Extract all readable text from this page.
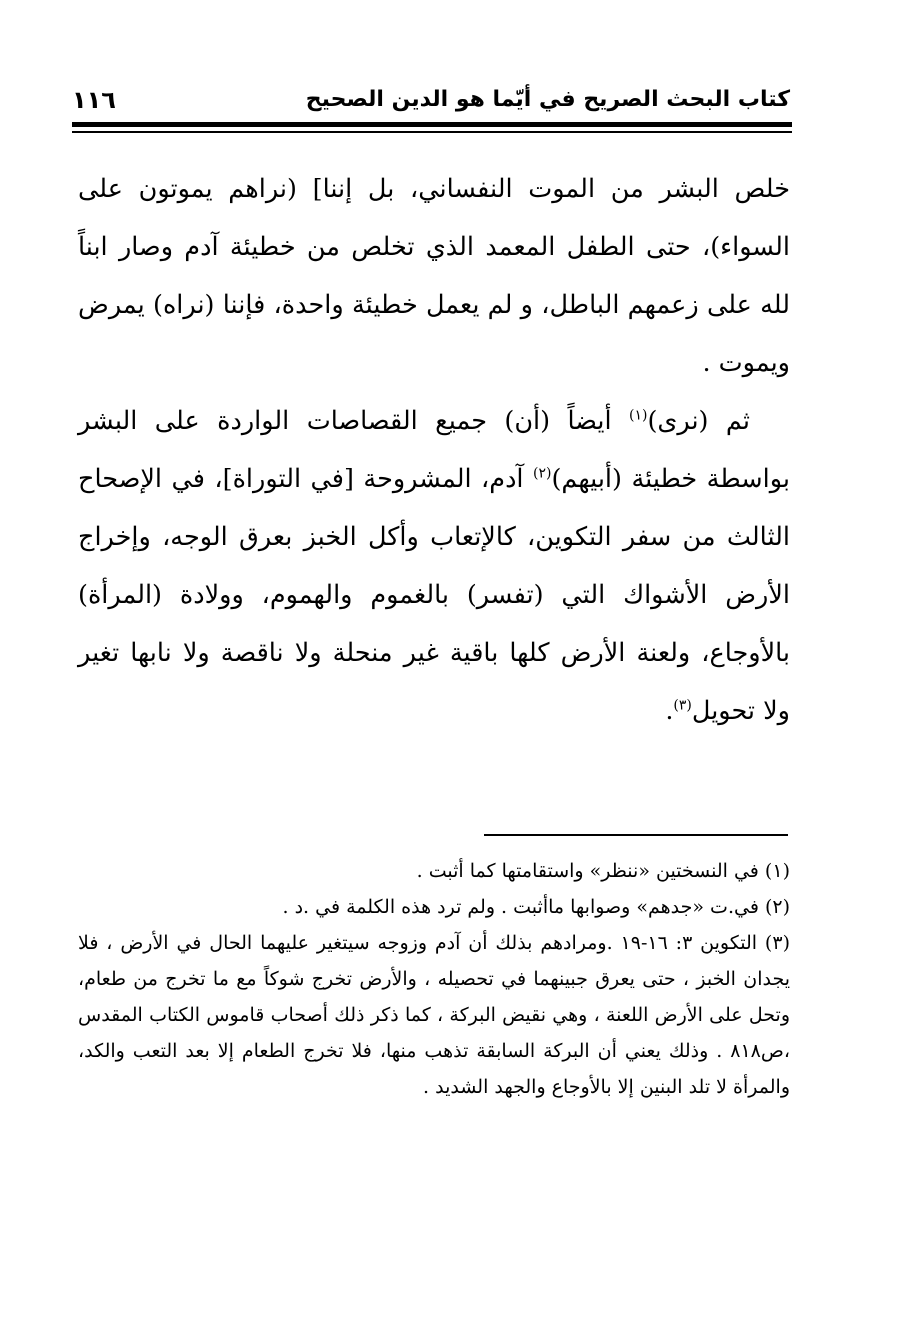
كتاب البحث الصريح في أيّما هو الدين الصحيح
١١٦

خلص البشر من الموت النفساني، بل إننا] (نراهم يموتون على السواء)، حتى الطفل المعمد الذي تخلص من خطيئة آدم وصار ابناً لله على زعمهم الباطل، و لم يعمل خطيئة واحدة، فإننا (نراه) يمرض ويموت .

ثم (نرى)$^{(١)}$ أيضاً (أن) جميع القصاصات الواردة على البشر بواسطة خطيئة (أبيهم)$^{(٢)}$ آدم، المشروحة [في التوراة]، في الإصحاح الثالث من سفر التكوين، كالإتعاب وأكل الخبز بعرق الوجه، وإخراج الأرض الأشواك التي (تفسر) بالغموم والهموم، وولادة (المرأة) بالأوجاع، ولعنة الأرض كلها باقية غير منحلة ولا ناقصة ولا نابها تغير ولا تحويل$^{(٣)}$.

(١) في النسختين «ننظر» واستقامتها كما أثبت .

(٢) في.ت «جدهم» وصوابها ماأثبت . ولم ترد هذه الكلمة في .د .

(٣) التكوين ٣: ١٦-١٩ .ومرادهم بذلك أن آدم وزوجه سيتغير عليهما الحال في الأرض ، فلا يجدان الخبز ، حتى يعرق جبينهما في تحصيله ، والأرض تخرج شوكاً مع ما تخرج من طعام، وتحل على الأرض اللعنة ، وهي نقيض البركة ، كما ذكر ذلك أصحاب قاموس الكتاب المقدس ،ص٨١٨ . وذلك يعني أن البركة السابقة تذهب منها، فلا تخرج الطعام إلا بعد التعب والكد، والمرأة لا تلد البنين إلا بالأوجاع والجهد الشديد .
